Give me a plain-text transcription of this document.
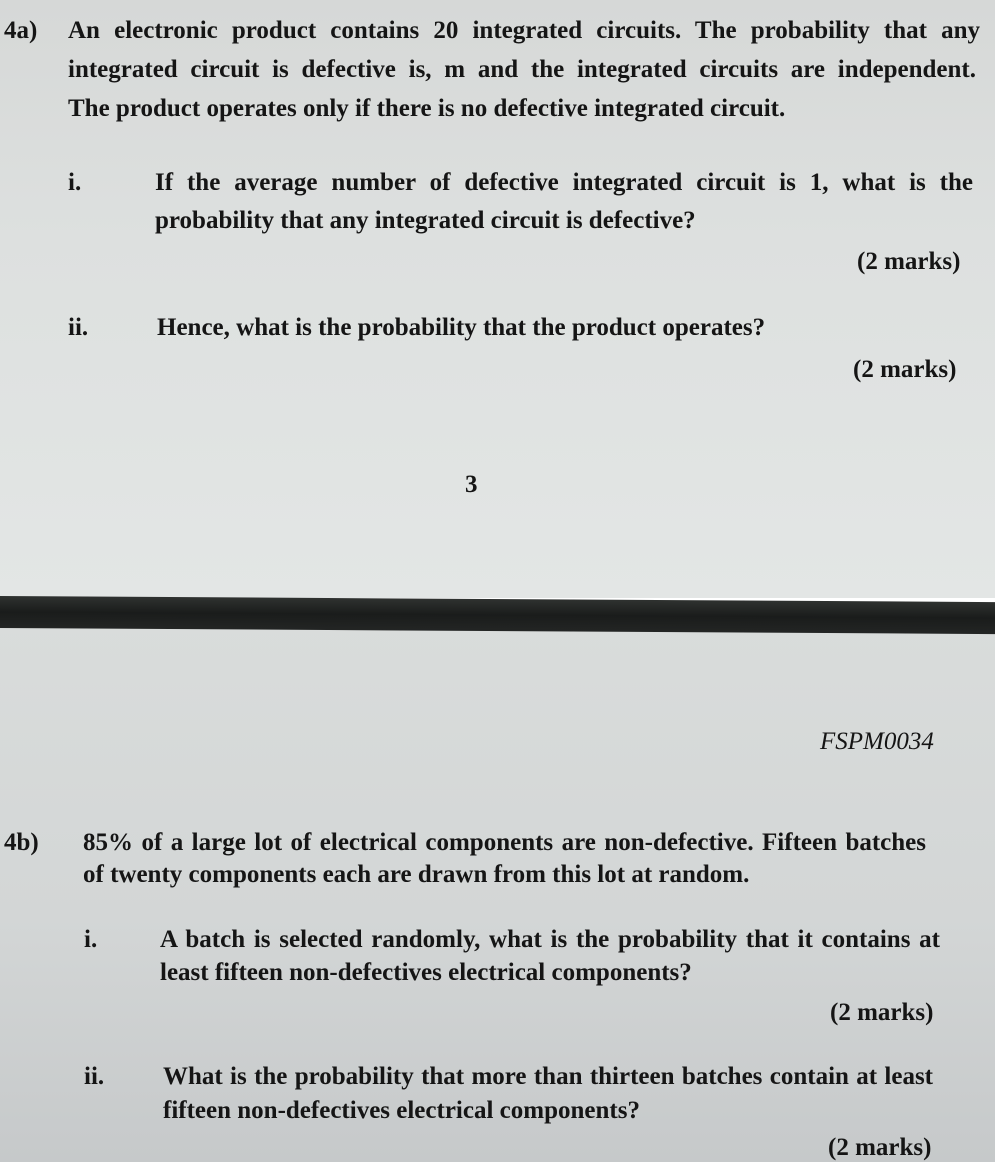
4a) An electronic product contains 20 integrated circuits. The probability that any
integrated circuit is defective is, m and the integrated circuits are independent.
The product operates only if there is no defective integrated circuit.
i.	If the average number of defective integrated circuit is 1, what is the
probability that any integrated circuit is defective?
(2 marks)
ii.	Hence, what is the probability that the product operates?
(2 marks)
3
FSPM0034
4b) 85% of a large lot of electrical components are non-defective. Fifteen batches
of twenty components each are drawn from this lot at random.
i.	A batch is selected randomly, what is the probability that it contains at
least fifteen non-defectives electrical components?
(2 marks)
ii. What is the probability that more than thirteen batches contain at least
fifteen non-defectives electrical components?
(2 marks)
